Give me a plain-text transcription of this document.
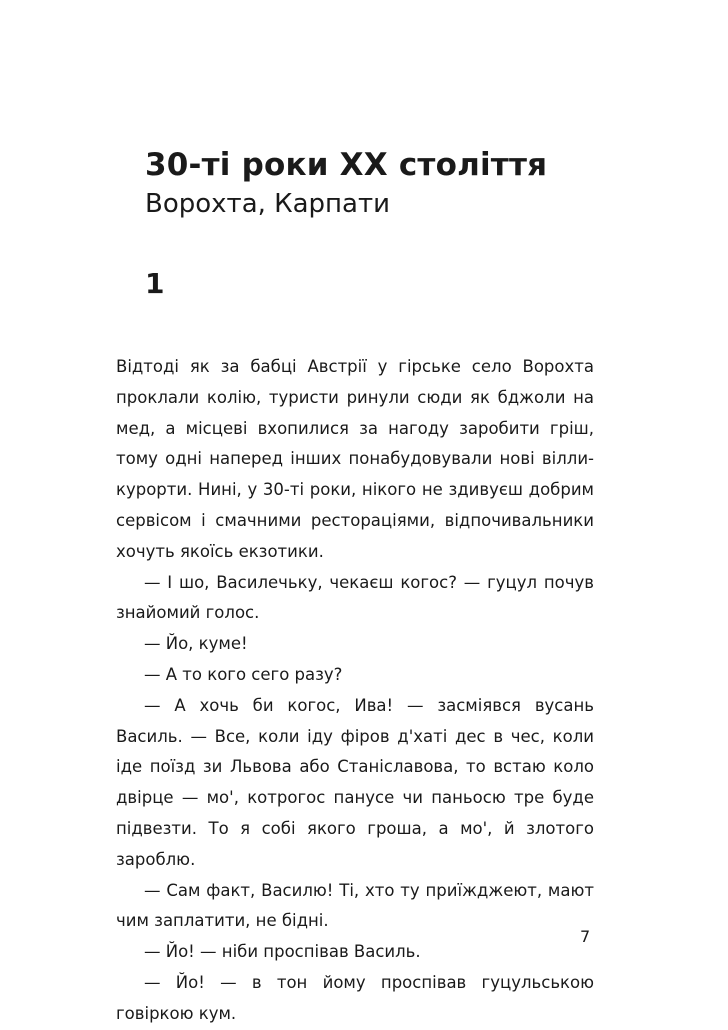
30-ті роки ХХ століття
Ворохта, Карпати
1

Відтоді як за бабці Австрії у гірське село Ворохта проклали колію, туристи ринули сюди як бджоли на мед, а місцеві вхопилися за нагоду заробити гріш, тому одні наперед інших понабудовували нові вілли-курорти. Нині, у 30-ті роки, нікого не здивуєш добрим сервісом і смачними рестораціями, відпочивальники хочуть якоїсь екзотики.

— І шо, Василечьку, чекаєш когос? — гуцул почув знайомий голос.

— Йо, куме!

— А то кого сего разу?

— А хочь би когос, Ива! — засміявся вусань Василь. — Все, коли іду фіров д'хаті дес в чес, коли іде поїзд зи Львова або Станіславова, то встаю коло двірце — мо', котрогос панусе чи паньосю тре буде підвезти. То я собі якого гроша, а мо', й злотого зароблю.

— Сам факт, Василю! Ті, хто ту приїжджеют, мают чим заплатити, не бідні.

— Йо! — ніби проспівав Василь.

— Йо! — в тон йому проспівав гуцульською говіркою кум.

7
